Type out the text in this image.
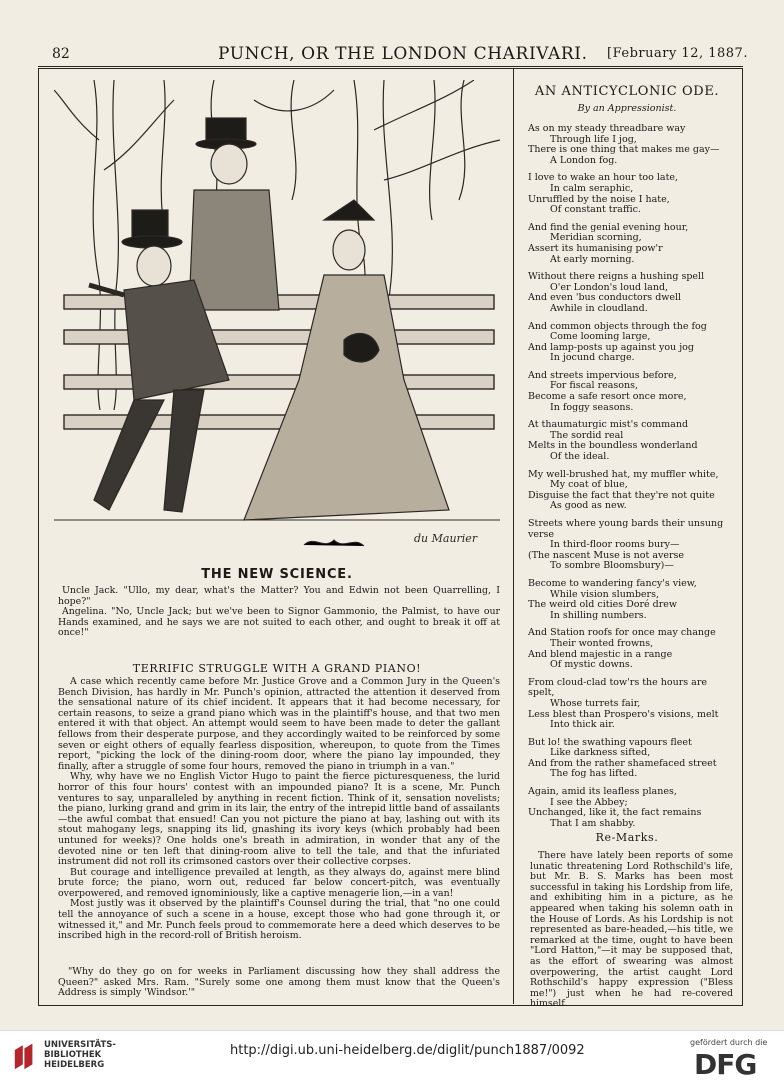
82	PUNCH, OR THE LONDON CHARIVARI. [February 12, 1887.
du Maurier
THE NEW SCIENCE.

Uncle Jack. "Ullo, my dear, what's the Matter? You and Edwin not been Quarrelling, I hope?"

Angelina. "No, Uncle Jack; but we've been to Signor Gammonio, the Palmist, to have our Hands examined, and he says we are not suited to each other, and ought to break it off at once!"

TERRIFIC STRUGGLE WITH A GRAND PIANO!

A case which recently came before Mr. Justice Grove and a Common Jury in the Queen's Bench Division, has hardly in Mr. Punch's opinion, attracted the attention it deserved from the sensational nature of its chief incident. It appears that it had become necessary, for certain reasons, to seize a grand piano which was in the plaintiff's house, and that two men entered it with that object. An attempt would seem to have been made to deter the gallant fellows from their desperate purpose, and they accordingly waited to be reinforced by some seven or eight others of equally fearless disposition, whereupon, to quote from the Times report, "picking the lock of the dining-room door, where the piano lay impounded, they finally, after a struggle of some four hours, removed the piano in triumph in a van."

Why, why have we no English Victor Hugo to paint the fierce picturesqueness, the lurid horror of this four hours' contest with an impounded piano? It is a scene, Mr. Punch ventures to say, unparalleled by anything in recent fiction. Think of it, sensation novelists; the piano, lurking grand and grim in its lair, the entry of the intrepid little band of assailants—the awful combat that ensued! Can you not picture the piano at bay, lashing out with its stout mahogany legs, snapping its lid, gnashing its ivory keys (which probably had been untuned for weeks)? One holds one's breath in admiration, in wonder that any of the devoted nine or ten left that dining-room alive to tell the tale, and that the infuriated instrument did not roll its crimsoned castors over their collective corpses.

But courage and intelligence prevailed at length, as they always do, against mere blind brute force; the piano, worn out, reduced far below concert-pitch, was eventually overpowered, and removed ignominiously, like a captive menagerie lion,—in a van!

Most justly was it observed by the plaintiff's Counsel during the trial, that "no one could tell the annoyance of such a scene in a house, except those who had gone through it, or witnessed it," and Mr. Punch feels proud to commemorate here a deed which deserves to be inscribed high in the record-roll of British heroism.

"Why do they go on for weeks in Parliament discussing how they shall address the Queen?" asked Mrs. Ram. "Surely some one among them must know that the Queen's Address is simply 'Windsor.'"

AN ANTICYCLONIC ODE.
By an Appressionist.
As on my steady threadbare way
Through life I jog,
There is one thing that makes me gay—
A London fog.
I love to wake an hour too late,
In calm seraphic,
Unruffled by the noise I hate,
Of constant traffic.
And find the genial evening hour,
Meridian scorning,
Assert its humanising pow'r
At early morning.
Without there reigns a hushing spell
O'er London's loud land,
And even 'bus conductors dwell
Awhile in cloudland.
And common objects through the fog
Come looming large,
And lamp-posts up against you jog
In jocund charge.
And streets impervious before,
For fiscal reasons,
Become a safe resort once more,
In foggy seasons.
At thaumaturgic mist's command
The sordid real
Melts in the boundless wonderland
Of the ideal.
My well-brushed hat, my muffler white,
My coat of blue,
Disguise the fact that they're not quite
As good as new.
Streets where young bards their unsung verse
In third-floor rooms bury—
(The nascent Muse is not averse
To sombre Bloomsbury)—
Become to wandering fancy's view,
While vision slumbers,
The weird old cities Doré drew
In shilling numbers.
And Station roofs for once may change
Their wonted frowns,
And blend majestic in a range
Of mystic downs.
From cloud-clad tow'rs the hours are spelt,
Whose turrets fair,
Less blest than Prospero's visions, melt
Into thick air.
But lo! the swathing vapours fleet
Like darkness sifted,
And from the rather shamefaced street
The fog has lifted.
Again, amid its leafless planes,
I see the Abbey;
Unchanged, like it, the fact remains
That I am shabby.
Re-Marks.

There have lately been reports of some lunatic threatening Lord Rothschild's life, but Mr. B. S. Marks has been most successful in taking his Lordship from life, and exhibiting him in a picture, as he appeared when taking his solemn oath in the House of Lords. As his Lordship is not represented as bare-headed,—his title, we remarked at the time, ought to have been "Lord Hatton,"—it may be supposed that, as the effort of swearing was almost overpowering, the artist caught Lord Rothschild's happy expression ("Bless me!") just when he had re-covered himself.

UNIVERSITÄTS-
BIBLIOTHEK
HEIDELBERG
http://digi.ub.uni-heidelberg.de/diglit/punch1887/0092
gefördert durch die
DFG
